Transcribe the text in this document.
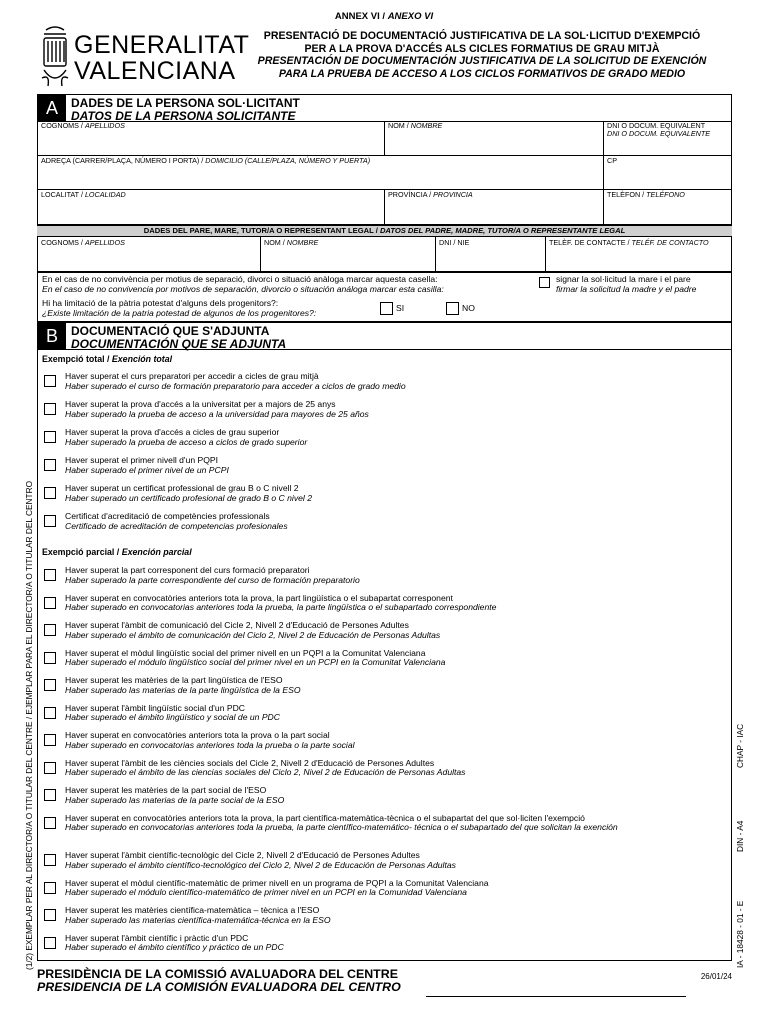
ANNEX VI / ANEXO VI
GENERALITAT
VALENCIANA
PRESENTACIÓ DE DOCUMENTACIÓ JUSTIFICATIVA DE LA SOL·LICITUD D'EXEMPCIÓ
PER A LA PROVA D'ACCÉS ALS CICLES FORMATIUS DE GRAU MITJÀ
PRESENTACIÓN DE DOCUMENTACIÓN JUSTIFICATIVA DE LA SOLICITUD DE EXENCIÓN
PARA LA PRUEBA DE ACCESO A LOS CICLOS FORMATIVOS DE GRADO MEDIO
A	DADES DE LA PERSONA SOL·LICITANT
DATOS DE LA PERSONA SOLICITANTE
COGNOMS / APELLIDOS	NOM / NOMBRE	DNI O DOCUM. EQUIVALENT
DNI O DOCUM. EQUIVALENTE
ADREÇA (CARRER/PLAÇA, NÚMERO I PORTA) / DOMICILIO (CALLE/PLAZA, NÚMERO Y PUERTA)	CP
LOCALITAT / LOCALIDAD	PROVÍNCIA / PROVINCIA	TELÈFON / TELÉFONO
DADES DEL PARE, MARE, TUTOR/A O REPRESENTANT LEGAL / DATOS DEL PADRE, MADRE, TUTOR/A O REPRESENTANTE LEGAL
COGNOMS / APELLIDOS	NOM / NOMBRE	DNI / NIE	TELÈF. DE CONTACTE / TELÉF. DE CONTACTO
En el cas de no convivència per motius de separació, divorci o situació anàloga marcar aquesta casella:
En el caso de no convivencia por motivos de separación, divorcio o situación análoga marcar esta casilla:
signar la sol·licitud la mare i el pare
firmar la solicitud la madre y el padre
Hi ha limitació de la pàtria potestat d'alguns dels progenitors?:
¿Existe limitación de la patria potestad de algunos de los progenitores?:	SI	NO
B	DOCUMENTACIÓ QUE S'ADJUNTA
DOCUMENTACIÓN QUE SE ADJUNTA
Exempció total / Exención total
Haver superat el curs preparatori per accedir a cicles de grau mitjà
Haber superado el curso de formación preparatorio para acceder a ciclos de grado medio
Haver superat la prova d'accés a la universitat per a majors de 25 anys
Haber superado la prueba de acceso a la universidad para mayores de 25 años
Haver superat la prova d'accés a cicles de grau superior
Haber superado la prueba de acceso a ciclos de grado superior
Haver superat el primer nivell d'un PQPI
Haber superado el primer nivel de un PCPI
Haver superat un certificat professional de grau B o C nivell 2
Haber superado un certificado profesional de grado B o C nivel 2
Certificat d'acreditació de competències professionals
Certificado de acreditación de competencias profesionales
Exempció parcial / Exención parcial
Haver superat la part corresponent del curs formació preparatori
Haber superado la parte correspondiente del curso de formación preparatorio
Haver superat en convocatòries anteriors tota la prova, la part lingüística o el subapartat corresponent
Haber superado en convocatorias anteriores toda la prueba, la parte lingüística o el subapartado correspondiente
Haver superat l'àmbit de comunicació del Cicle 2, Nivell 2 d'Educació de Persones Adultes
Haber superado el ámbito de comunicación del Ciclo 2, Nivel 2 de Educación de Personas Adultas
Haver superat el mòdul lingüístic social del primer nivell en un PQPI a la Comunitat Valenciana
Haber superado el módulo lingüístico social del primer nivel en un PCPI en la Comunitat Valenciana
Haver superat les matèries de la part lingüística de l'ESO
Haber superado las materias de la parte lingüística de la ESO
Haver superat l'àmbit lingüístic social d'un PDC
Haber superado el ámbito lingüístico y social de un PDC
Haver superat en convocatòries anteriors tota la prova o la part social
Haber superado en convocatorias anteriores toda la prueba o la parte social
Haver superat l'àmbit de les ciències socials del Cicle 2, Nivell 2 d'Educació de Persones Adultes
Haber superado el ámbito de las ciencias sociales del Ciclo 2, Nivel 2 de Educación de Personas Adultas
Haver superat les matèries de la part social de l'ESO
Haber superado las materias de la parte social de la ESO
Haver superat en convocatòries anteriors tota la prova, la part científica-matemàtica-tècnica o el subapartat del que sol·liciten l'exempció
Haber superado en convocatorias anteriores toda la prueba, la parte científico-matemático- técnica o el subapartado del que solicitan la exención
Haver superat l'àmbit científic-tecnològic del Cicle 2, Nivell 2 d'Educació de Persones Adultes
Haber superado el ámbito científico-tecnológico del Ciclo 2, Nivel 2 de Educación de Personas Adultas
Haver superat el mòdul científic-matemàtic de primer nivell en un programa de PQPI a la Comunitat Valenciana
Haber superado el módulo científico-matemático de primer nivel en un PCPI en la Comunidad Valenciana
Haver superat les matèries científica-matemàtica – tècnica a l'ESO
Haber superado las materias científica-matemática-técnica en la ESO
Haver superat l'àmbit científic i pràctic d'un PDC
Haber superado el ámbito científico y práctico de un PDC
(1/2) EXEMPLAR PER AL DIRECTOR/A O TITULAR DEL CENTRE / EJEMPLAR PARA EL DIRECTOR/A O TITULAR DEL CENTRO	CHAP - IAC
DIN - A4
IA - 18428 - 01 - E
PRESIDÈNCIA DE LA COMISSIÓ AVALUADORA DEL CENTRE
PRESIDENCIA DE LA COMISIÓN EVALUADORA DEL CENTRO
26/01/24
